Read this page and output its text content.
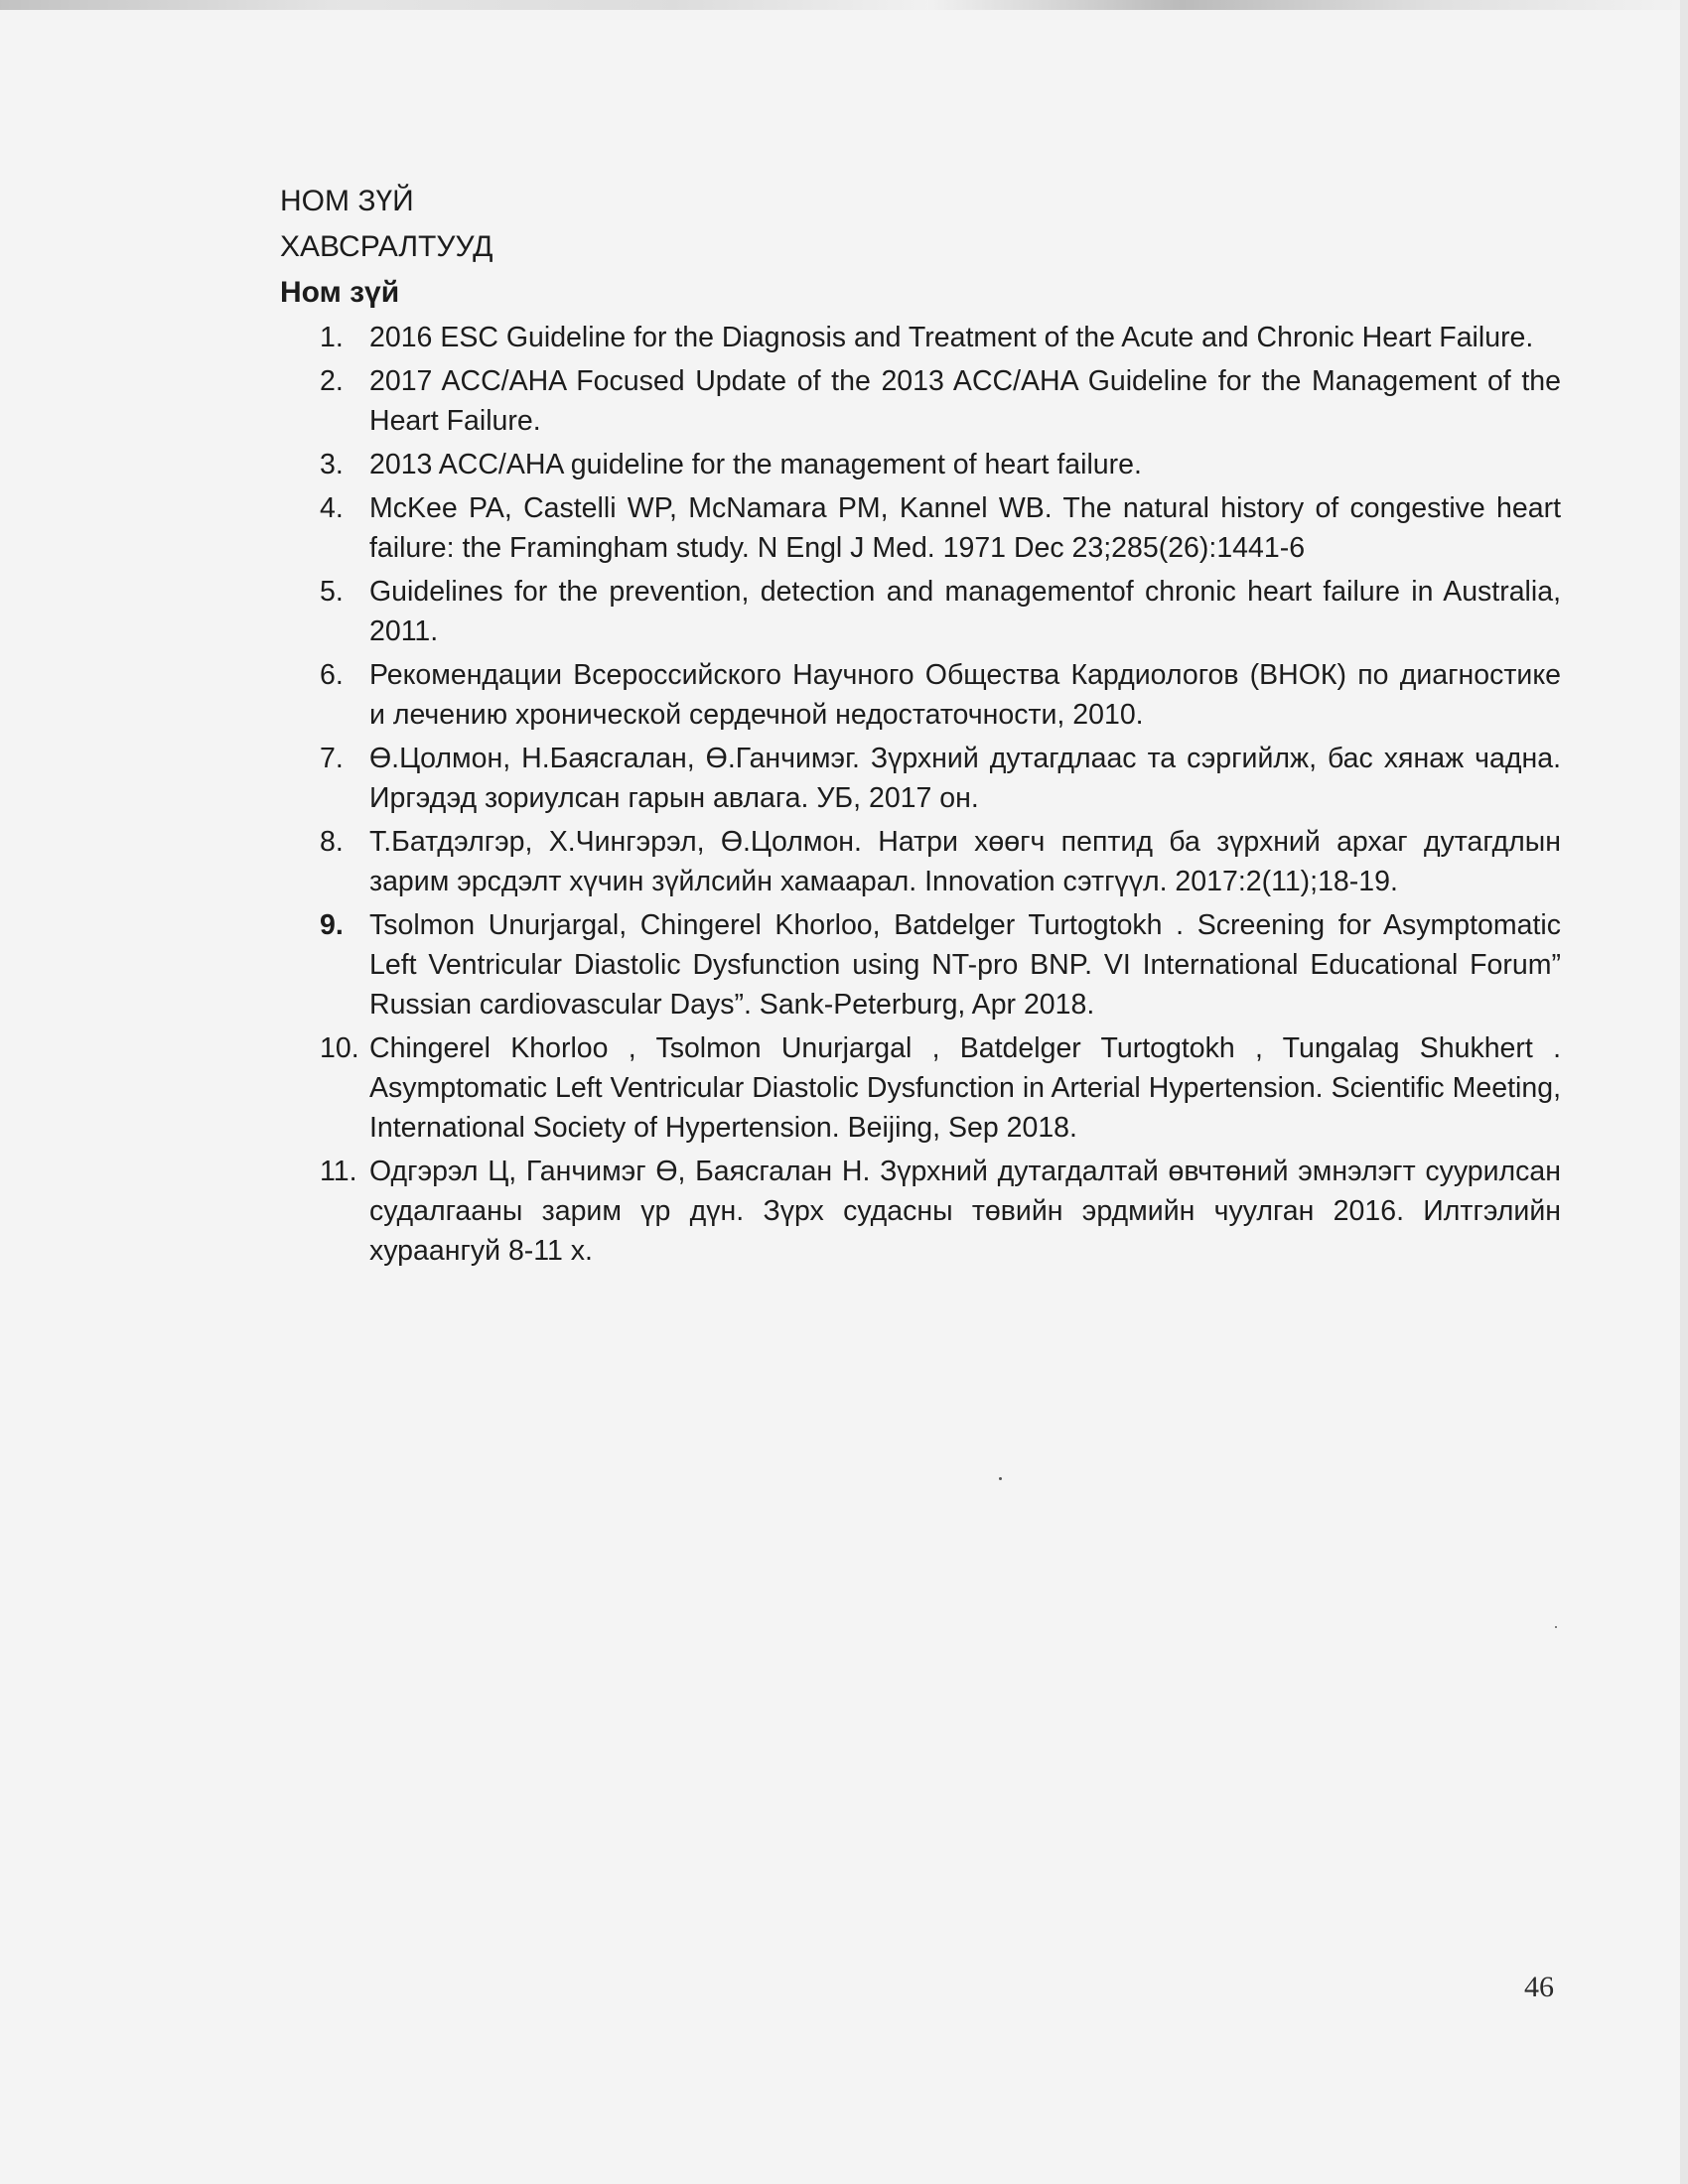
НОМ ЗҮЙ

ХАВСРАЛТУУД

Ном зүй

1. 2016 ESC Guideline for the Diagnosis and Treatment of the Acute and Chronic Heart Failure.
2. 2017 ACC/AHA Focused Update of the 2013 ACC/AHA Guideline for the Management of the Heart Failure.
3. 2013 ACC/AHA guideline for the management of heart failure.
4. McKee PA, Castelli WP, McNamara PM, Kannel WB. The natural history of congestive heart failure: the Framingham study. N Engl J Med. 1971 Dec 23;285(26):1441-6
5. Guidelines for the prevention, detection and managementof chronic heart failure in Australia, 2011.
6. Рекомендации Всероссийского Научного Общества Кардиологов (ВНОК) по диагностике и лечению хронической сердечной недостаточности, 2010.
7. Ө.Цолмон, Н.Баясгалан, Ө.Ганчимэг. Зүрхний дутагдлаас та сэргийлж, бас хянаж чадна. Иргэдэд зориулсан гарын авлага. УБ, 2017 он.
8. Т.Батдэлгэр, Х.Чингэрэл, Ө.Цолмон. Натри хөөгч пептид ба зүрхний архаг дутагдлын зарим эрсдэлт хүчин зүйлсийн хамаарал. Innovation сэтгүүл. 2017:2(11);18-19.
9. Tsolmon Unurjargal, Chingerel Khorloo, Batdelger Turtogtokh . Screening for Asymptomatic Left Ventricular Diastolic Dysfunction using NT-pro BNP. VI International Educational Forum” Russian cardiovascular Days”. Sank-Peterburg, Apr 2018.
10. Chingerel Khorloo , Tsolmon Unurjargal , Batdelger Turtogtokh , Tungalag Shukhert . Asymptomatic Left Ventricular Diastolic Dysfunction in Arterial Hypertension. Scientific Meeting, International Society of Hypertension. Beijing, Sep 2018.
11. Одгэрэл Ц, Ганчимэг Ө, Баясгалан Н. Зүрхний дутагдалтай өвчтөний эмнэлэгт суурилсан судалгааны зарим үр дүн. Зүрх судасны төвийн эрдмийн чуулган 2016. Илтгэлийн хураангуй 8-11 х.
46
